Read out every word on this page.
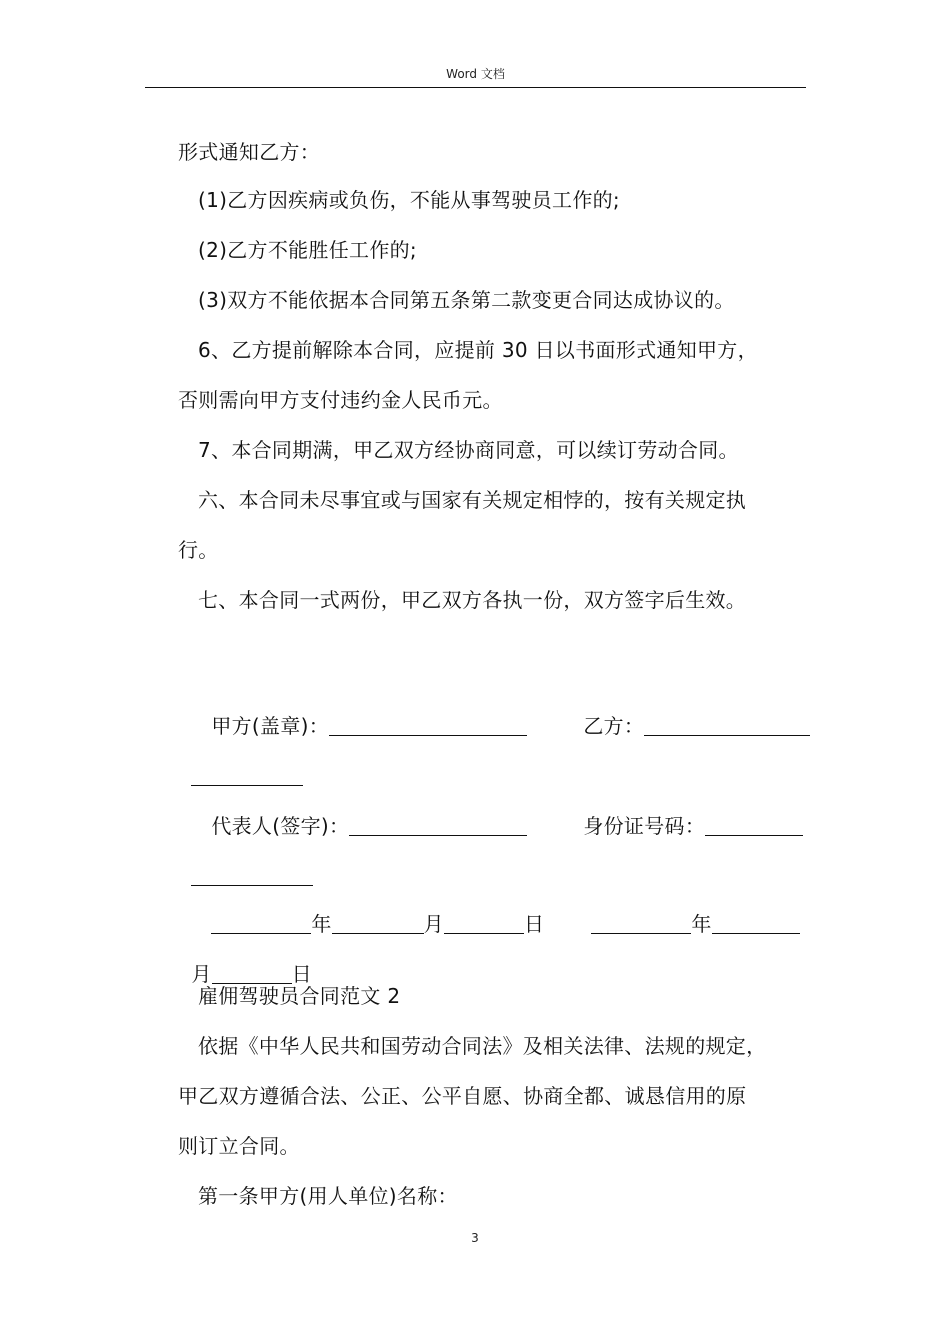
Word 文档
形式通知乙方：
(1)乙方因疾病或负伤，不能从事驾驶员工作的;
(2)乙方不能胜任工作的;
(3)双方不能依据本合同第五条第二款变更合同达成协议的。
6、乙方提前解除本合同，应提前 30 日以书面形式通知甲方，
否则需向甲方支付违约金人民币元。
7、本合同期满，甲乙双方经协商同意，可以续订劳动合同。
六、本合同未尽事宜或与国家有关规定相悖的，按有关规定执
行。
七、本合同一式两份，甲乙双方各执一份，双方签字后生效。

甲方(盖章)：	乙方：

代表人(签字)：	身份证号码：

年	月	日	年

月	日

雇佣驾驶员合同范文 2
依据《中华人民共和国劳动合同法》及相关法律、法规的规定，
甲乙双方遵循合法、公正、公平自愿、协商全都、诚恳信用的原
则订立合同。
第一条甲方(用人单位)名称：
3
